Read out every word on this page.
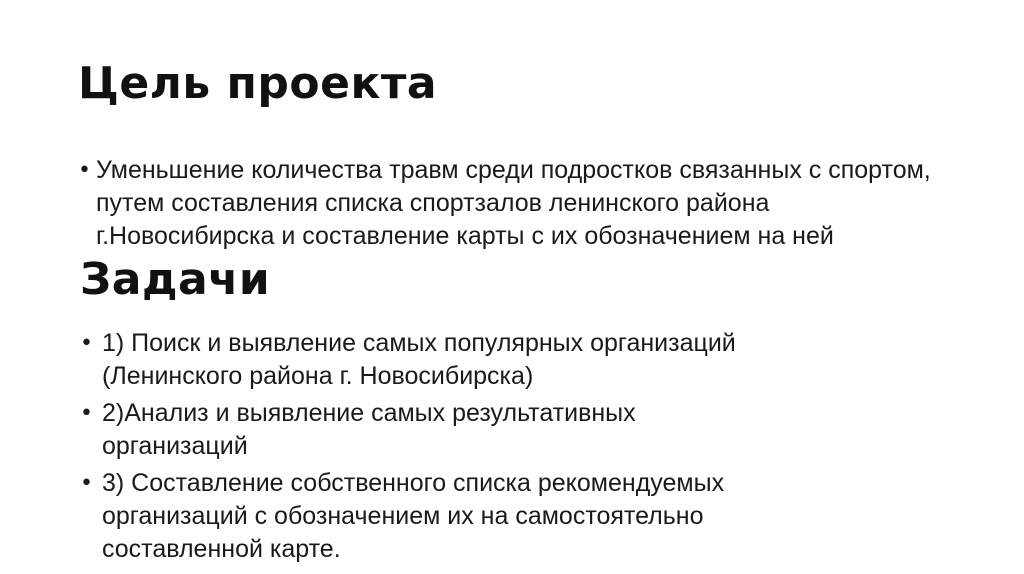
Цель проекта
• Уменьшение количества травм среди подростков связанных с спортом, путем составления списка спортзалов ленинского района г.Новосибирска и составление карты с их обозначением на ней
Задачи
• 1) Поиск и выявление самых популярных организаций (Ленинского района г. Новосибирска)
• 2)Анализ и выявление самых результативных организаций
• 3) Составление собственного списка рекомендуемых организаций с обозначением их на самостоятельно составленной карте.
